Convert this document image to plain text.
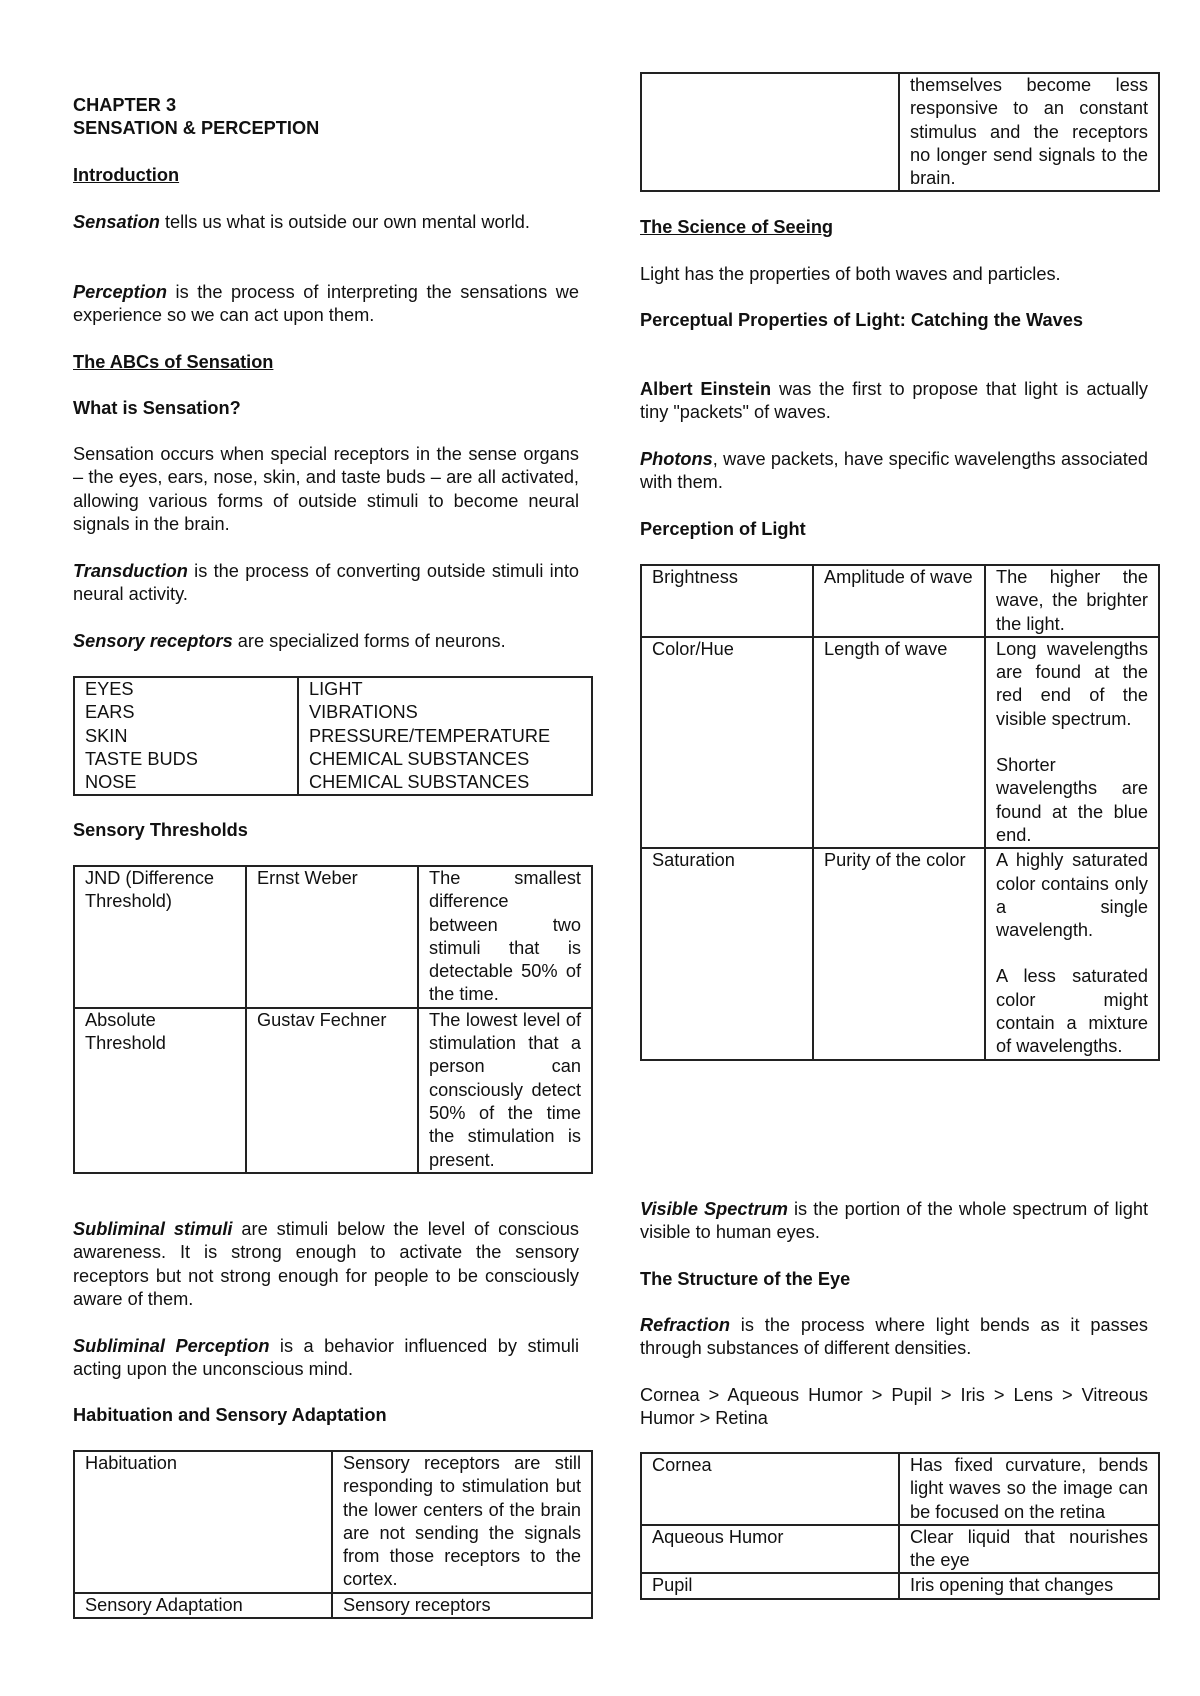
CHAPTER 3
SENSATION & PERCEPTION
Introduction

Sensation tells us what is outside our own mental world.

Perception is the process of interpreting the sensations we experience so we can act upon them.

The ABCs of Sensation
What is Sensation?

Sensation occurs when special receptors in the sense organs – the eyes, ears, nose, skin, and taste buds – are all activated, allowing various forms of outside stimuli to become neural signals in the brain.

Transduction is the process of converting outside stimuli into neural activity.

Sensory receptors are specialized forms of neurons.

EYES	LIGHT
EARS	VIBRATIONS
SKIN	PRESSURE/TEMPERATURE
TASTE BUDS	CHEMICAL SUBSTANCES
NOSE	CHEMICAL SUBSTANCES
Sensory Thresholds
JND (Difference Threshold)	Ernst Weber	The smallest difference between two stimuli that is detectable 50% of the time.
Absolute Threshold	Gustav Fechner	The lowest level of stimulation that a person can consciously detect 50% of the time the stimulation is present.

Subliminal stimuli are stimuli below the level of conscious awareness. It is strong enough to activate the sensory receptors but not strong enough for people to be consciously aware of them.

Subliminal Perception is a behavior influenced by stimuli acting upon the unconscious mind.

Habituation and Sensory Adaptation
Habituation	Sensory receptors are still responding to stimulation but the lower centers of the brain are not sending the signals from those receptors to the cortex.
Sensory Adaptation	Sensory receptors
	themselves become less responsive to an constant stimulus and the receptors no longer send signals to the brain.
The Science of Seeing

Light has the properties of both waves and particles.

Perceptual Properties of Light: Catching the Waves

Albert Einstein was the first to propose that light is actually tiny "packets" of waves.

Photons, wave packets, have specific wavelengths associated with them.

Perception of Light
Brightness	Amplitude of wave	The higher the wave, the brighter the light.
Color/Hue	Length of wave	Long wavelengths are found at the red end of the visible spectrum.
Shorter wavelengths are found at the blue end.

Saturation	Purity of the color	A highly saturated color contains only a single wavelength.
A less saturated color might contain a mixture of wavelengths.

Visible Spectrum is the portion of the whole spectrum of light visible to human eyes.

The Structure of the Eye

Refraction is the process where light bends as it passes through substances of different densities.

Cornea > Aqueous Humor > Pupil > Iris > Lens > Vitreous Humor > Retina

Cornea	Has fixed curvature, bends light waves so the image can be focused on the retina
Aqueous Humor	Clear liquid that nourishes the eye
Pupil	Iris opening that changes
